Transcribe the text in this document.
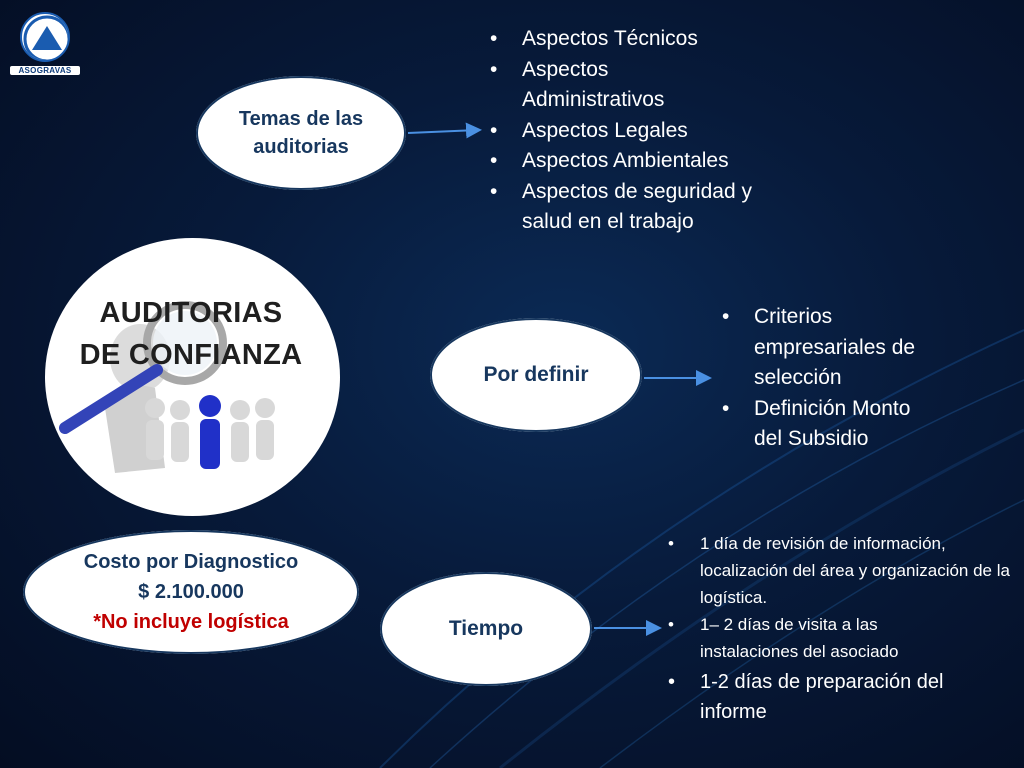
ASOGRAVAS
Temas de las
auditorias
• Aspectos Técnicos
• Aspectos Administrativos
• Aspectos Legales
• Aspectos Ambientales
• Aspectos de seguridad y salud en el trabajo
AUDITORIAS
DE CONFIANZA
Por definir
• Criterios empresariales de selección
• Definición Monto del Subsidio
Costo por Diagnostico
$ 2.100.000
*No incluye logística	Tiempo
• 1 día de revisión de información, localización del área y organización de la logística.
• 1– 2 días de visita a las instalaciones del asociado
• 1-2 días de preparación del informe
